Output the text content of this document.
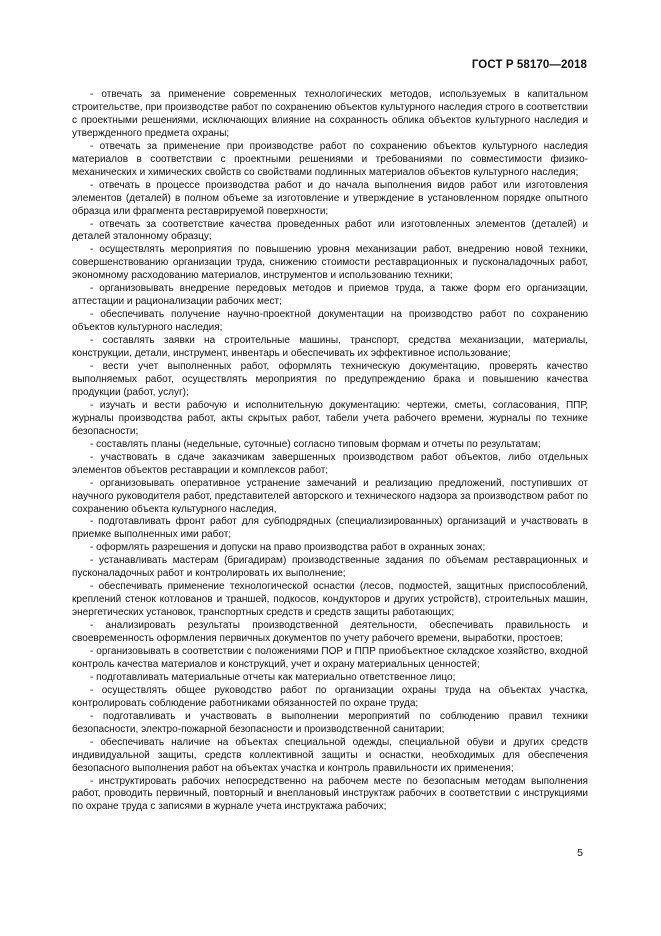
ГОСТ Р 58170—2018

- отвечать за применение современных технологических методов, используемых в капитальном строительстве, при производстве работ по сохранению объектов культурного наследия строго в соответствии с проектными решениями, исключающих влияние на сохранность облика объектов культурного наследия и утвержденного предмета охраны;

- отвечать за применение при производстве работ по сохранению объектов культурного наследия материалов в соответствии с проектными решениями и требованиями по совместимости физико-механических и химических свойств со свойствами подлинных материалов объектов культурного наследия;

- отвечать в процессе производства работ и до начала выполнения видов работ или изготовления элементов (деталей) в полном объеме за изготовление и утверждение в установленном порядке опытного образца или фрагмента реставрируемой поверхности;

- отвечать за соответствие качества проведенных работ или изготовленных элементов (деталей) и деталей эталонному образцу;

- осуществлять мероприятия по повышению уровня механизации работ, внедрению новой техники, совершенствованию организации труда, снижению стоимости реставрационных и пусконаладочных работ, экономному расходованию материалов, инструментов и использованию техники;

- организовывать внедрение передовых методов и приемов труда, а также форм его организации, аттестации и рационализации рабочих мест;

- обеспечивать получение научно-проектной документации на производство работ по сохранению объектов культурного наследия;

- составлять заявки на строительные машины, транспорт, средства механизации, материалы, конструкции, детали, инструмент, инвентарь и обеспечивать их эффективное использование;

- вести учет выполненных работ, оформлять техническую документацию, проверять качество выполняемых работ, осуществлять мероприятия по предупреждению брака и повышению качества продукции (работ, услуг);

- изучать и вести рабочую и исполнительную документацию: чертежи, сметы, согласования, ППР, журналы производства работ, акты скрытых работ, табели учета рабочего времени, журналы по технике безопасности;

- составлять планы (недельные, суточные) согласно типовым формам и отчеты по результатам;

- участвовать в сдаче заказчикам завершенных производством работ объектов, либо отдельных элементов объектов реставрации и комплексов работ;

- организовывать оперативное устранение замечаний и реализацию предложений, поступивших от научного руководителя работ, представителей авторского и технического надзора за производством работ по сохранению объекта культурного наследия,

- подготавливать фронт работ для субподрядных (специализированных) организаций и участвовать в приемке выполненных ими работ;

- оформлять разрешения и допуски на право производства работ в охранных зонах;

- устанавливать мастерам (бригадирам) производственные задания по объемам реставрационных и пусконаладочных работ и контролировать их выполнение;

- обеспечивать применение технологической оснастки (лесов, подмостей, защитных приспособлений, креплений стенок котлованов и траншей, подкосов, кондукторов и других устройств), строительных машин, энергетических установок, транспортных средств и средств защиты работающих;

- анализировать результаты производственной деятельности, обеспечивать правильность и своевременность оформления первичных документов по учету рабочего времени, выработки, простоев;

- организовывать в соответствии с положениями ПОР и ППР приобъектное складское хозяйство, входной контроль качества материалов и конструкций, учет и охрану материальных ценностей;

- подготавливать материальные отчеты как материально ответственное лицо;

- осуществлять общее руководство работ по организации охраны труда на объектах участка, контролировать соблюдение работниками обязанностей по охране труда;

- подготавливать и участвовать в выполнении мероприятий по соблюдению правил техники безопасности, электро-пожарной безопасности и производственной санитарии;

- обеспечивать наличие на объектах специальной одежды, специальной обуви и других средств индивидуальной защиты, средств коллективной защиты и оснастки, необходимых для обеспечения безопасного выполнения работ на объектах участка и контроль правильности их применения;

- инструктировать рабочих непосредственно на рабочем месте по безопасным методам выполнения работ, проводить первичный, повторный и внеплановый инструктаж рабочих в соответствии с инструкциями по охране труда с записями в журнале учета инструктажа рабочих;

5
